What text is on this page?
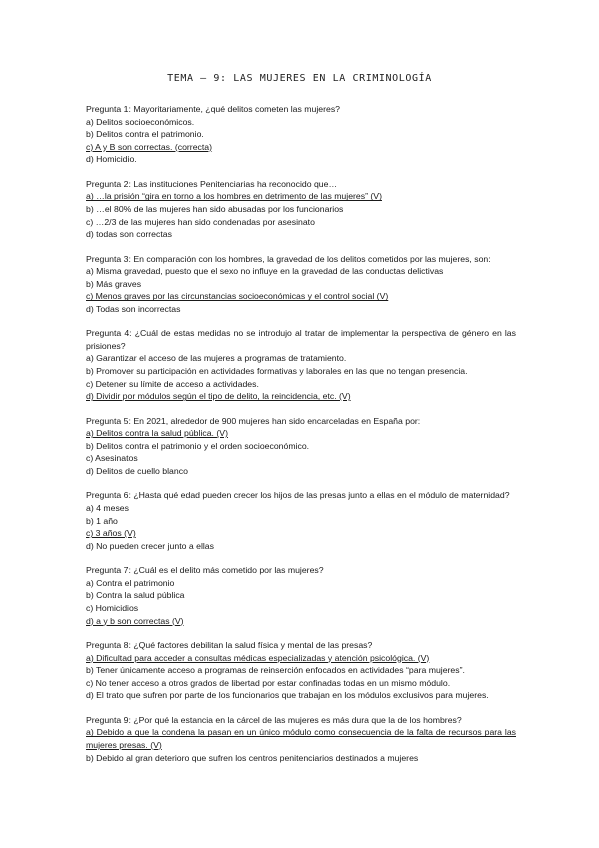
TEMA – 9: LAS MUJERES EN LA CRIMINOLOGÍA
Pregunta 1: Mayoritariamente, ¿qué delitos cometen las mujeres?
a) Delitos socioeconómicos.
b) Delitos contra el patrimonio.
c) A y B son correctas. (correcta)
d) Homicidio.
Pregunta 2: Las instituciones Penitenciarias ha reconocido que…
a) …la prisión “gira en torno a los hombres en detrimento de las mujeres” (V)
b) …el 80% de las mujeres han sido abusadas por los funcionarios
c) …2/3 de las mujeres han sido condenadas por asesinato
d) todas son correctas
Pregunta 3: En comparación con los hombres, la gravedad de los delitos cometidos por las mujeres, son:
a) Misma gravedad, puesto que el sexo no influye en la gravedad de las conductas delictivas
b) Más graves
c) Menos graves por las circunstancias socioeconómicas y el control social (V)
d) Todas son incorrectas
Pregunta 4: ¿Cuál de estas medidas no se introdujo al tratar de implementar la perspectiva de género en las prisiones?
a) Garantizar el acceso de las mujeres a programas de tratamiento.
b) Promover su participación en actividades formativas y laborales en las que no tengan presencia.
c) Detener su límite de acceso a actividades.
d) Dividir por módulos según el tipo de delito, la reincidencia, etc. (V)
Pregunta 5: En 2021, alrededor de 900 mujeres han sido encarceladas en España por:
a) Delitos contra la salud pública. (V)
b) Delitos contra el patrimonio y el orden socioeconómico.
c) Asesinatos
d) Delitos de cuello blanco
Pregunta 6: ¿Hasta qué edad pueden crecer los hijos de las presas junto a ellas en el módulo de maternidad?
a) 4 meses
b) 1 año
c) 3 años (V)
d) No pueden crecer junto a ellas
Pregunta 7: ¿Cuál es el delito más cometido por las mujeres?
a) Contra el patrimonio
b) Contra la salud pública
c) Homicidios
d) a y b son correctas (V)
Pregunta 8: ¿Qué factores debilitan la salud física y mental de las presas?
a) Dificultad para acceder a consultas médicas especializadas y atención psicológica. (V)
b) Tener únicamente acceso a programas de reinserción enfocados en actividades “para mujeres”.
c) No tener acceso a otros grados de libertad por estar confinadas todas en un mismo módulo.
d) El trato que sufren por parte de los funcionarios que trabajan en los módulos exclusivos para mujeres.
Pregunta 9: ¿Por qué la estancia en la cárcel de las mujeres es más dura que la de los hombres?
a) Debido a que la condena la pasan en un único módulo como consecuencia de la falta de recursos para las mujeres presas. (V)
b) Debido al gran deterioro que sufren los centros penitenciarios destinados a mujeres
